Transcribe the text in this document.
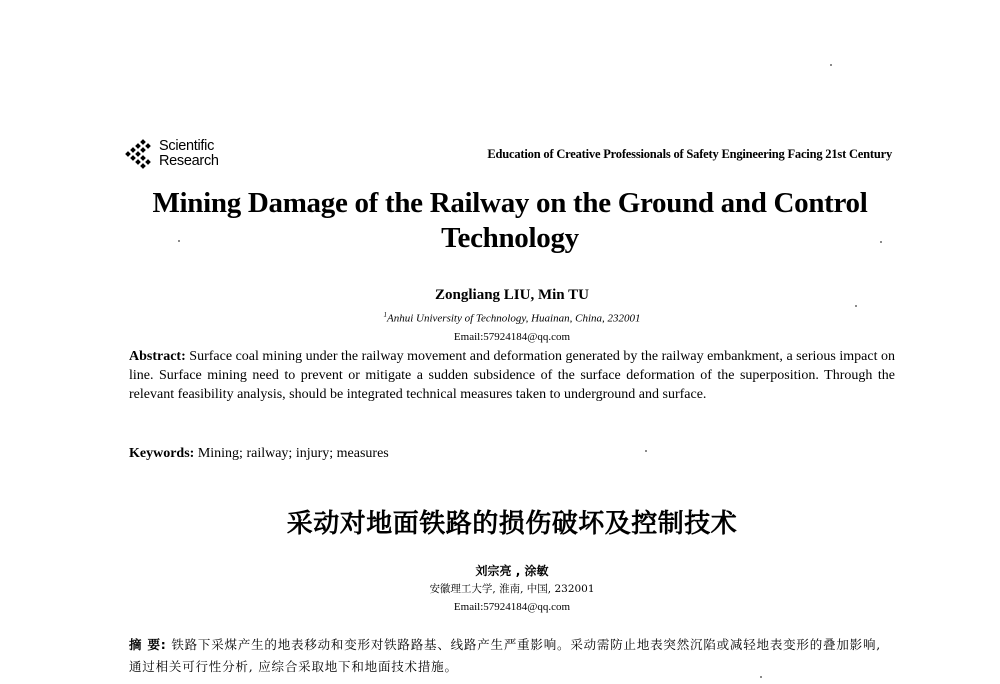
Scientific
Research	Education of Creative Professionals of Safety Engineering Facing 21st Century
Mining Damage of the Railway on the Ground and Control Technology
Zongliang LIU, Min TU
$^1$Anhui University of Technology, Huainan, China, 232001
Email:57924184@qq.com
Abstract: Surface coal mining under the railway movement and deformation generated by the railway embankment, a serious impact on line. Surface mining need to prevent or mitigate a sudden subsidence of the surface deformation of the superposition. Through the relevant feasibility analysis, should be integrated technical measures taken to underground and surface.
Keywords: Mining; railway; injury; measures
采动对地面铁路的损伤破坏及控制技术
刘宗亮 , 涂敏
安徽理工大学, 淮南, 中国, 232001
Email:57924184@qq.com
摘 要: 铁路下采煤产生的地表移动和变形对铁路路基、线路产生严重影响。采动需防止地表突然沉陷或减轻地表变形的叠加影响, 通过相关可行性分析, 应综合采取地下和地面技术措施。
